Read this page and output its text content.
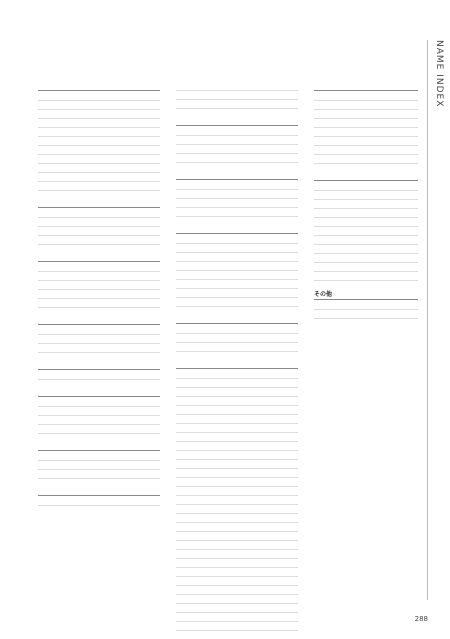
NAME INDEX
その他
288
